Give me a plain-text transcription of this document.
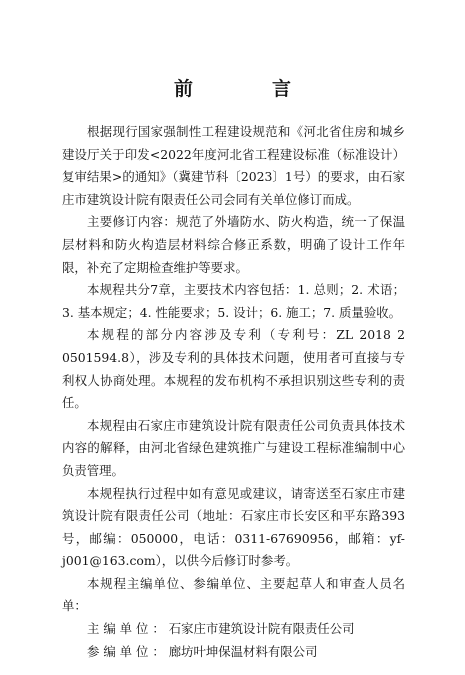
前　言

根据现行国家强制性工程建设规范和《河北省住房和城乡建设厅关于印发<2022年度河北省工程建设标准（标准设计）复审结果>的通知》（冀建节科〔2023〕1号）的要求，由石家庄市建筑设计院有限责任公司会同有关单位修订而成。

主要修订内容：规范了外墙防水、防火构造，统一了保温层材料和防火构造层材料综合修正系数，明确了设计工作年限，补充了定期检查维护等要求。

本规程共分7章，主要技术内容包括：1. 总则；2. 术语；3. 基本规定；4. 性能要求；5. 设计；6. 施工；7. 质量验收。

本规程的部分内容涉及专利（专利号：ZL 2018 2 0501594.8），涉及专利的具体技术问题，使用者可直接与专利权人协商处理。本规程的发布机构不承担识别这些专利的责任。

本规程由石家庄市建筑设计院有限责任公司负责具体技术内容的解释，由河北省绿色建筑推广与建设工程标准编制中心负责管理。

本规程执行过程中如有意见或建议，请寄送至石家庄市建筑设计院有限责任公司（地址：石家庄市长安区和平东路393号，邮编：050000，电话：0311-67690956，邮箱：yf-j001@163.com），以供今后修订时参考。

本规程主编单位、参编单位、主要起草人和审查人员名单：

主 编 单 位 ： 石家庄市建筑设计院有限责任公司

参 编 单 位 ： 廊坊叶坤保温材料有限公司
